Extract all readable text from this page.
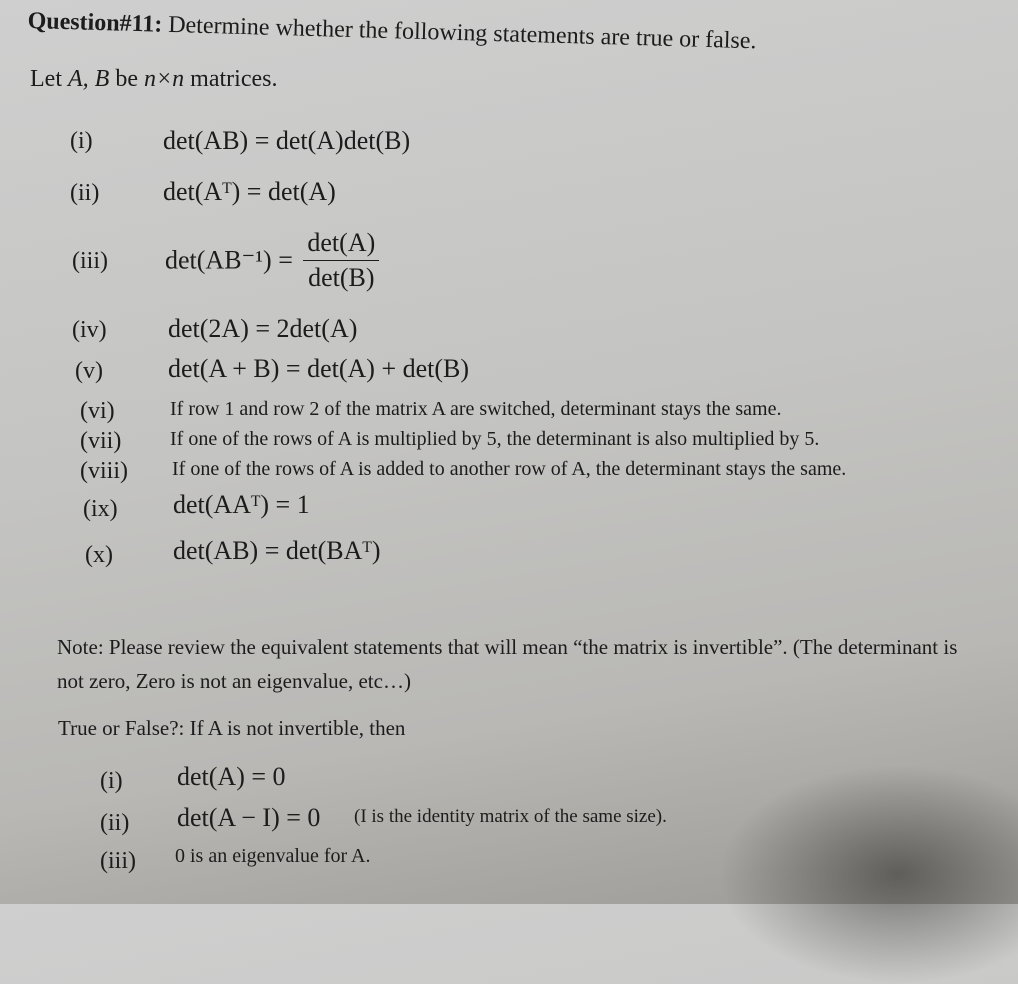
Question#11: Determine whether the following statements are true or false.
Let A, B be n×n matrices.
(i)	det(AB) = det(A)det(B)
(ii) det(Aᵀ) = det(A)
(iii) $\det(AB^{-1}) = \frac{\det(A)}{\det(B)}$
(iv) det(2A) = 2det(A)
(v)	det(A + B) = det(A) + det(B)
(vi)	If row 1 and row 2 of the matrix A are switched, determinant stays the same.
(vii) If one of the rows of A is multiplied by 5, the determinant is also multiplied by 5.
(viii) If one of the rows of A is added to another row of A, the determinant stays the same.
(ix) det(AAᵀ) = 1
(x) det(AB) = det(BAᵀ)
Note: Please review the equivalent statements that will mean “the matrix is invertible”. (The determinant is not zero, Zero is not an eigenvalue, etc…)
True or False?: If A is not invertible, then
(i) det(A) = 0
(ii) det(A − I) = 0 (I is the identity matrix of the same size).
(iii) 0 is an eigenvalue for A.
